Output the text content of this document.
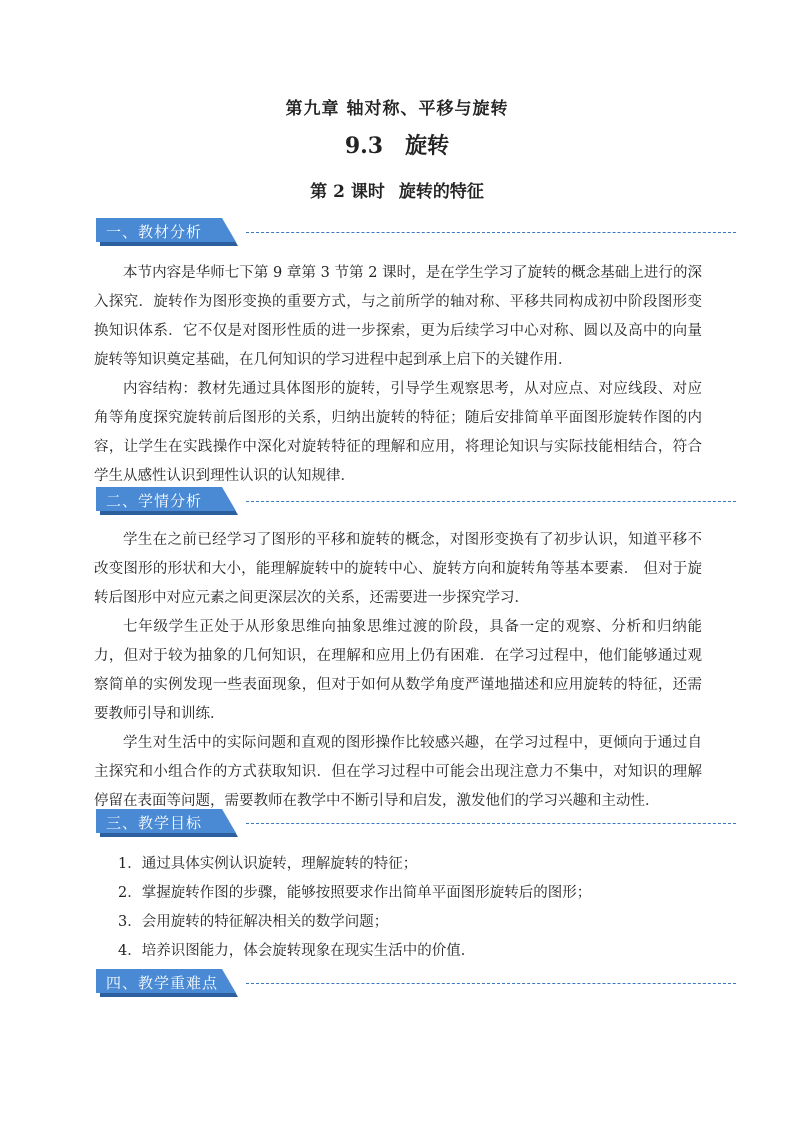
第九章 轴对称、平移与旋转
9.3 旋转
第 2 课时 旋转的特征
一、教材分析

本节内容是华师七下第 9 章第 3 节第 2 课时，是在学生学习了旋转的概念基础上进行的深入探究．旋转作为图形变换的重要方式，与之前所学的轴对称、平移共同构成初中阶段图形变换知识体系．它不仅是对图形性质的进一步探索，更为后续学习中心对称、圆以及高中的向量旋转等知识奠定基础，在几何知识的学习进程中起到承上启下的关键作用．

内容结构：教材先通过具体图形的旋转，引导学生观察思考，从对应点、对应线段、对应角等角度探究旋转前后图形的关系，归纳出旋转的特征；随后安排简单平面图形旋转作图的内容，让学生在实践操作中深化对旋转特征的理解和应用，将理论知识与实际技能相结合，符合学生从感性认识到理性认识的认知规律．

二、学情分析

学生在之前已经学习了图形的平移和旋转的概念，对图形变换有了初步认识，知道平移不改变图形的形状和大小，能理解旋转中的旋转中心、旋转方向和旋转角等基本要素． 但对于旋转后图形中对应元素之间更深层次的关系，还需要进一步探究学习．

七年级学生正处于从形象思维向抽象思维过渡的阶段，具备一定的观察、分析和归纳能力，但对于较为抽象的几何知识，在理解和应用上仍有困难．在学习过程中，他们能够通过观察简单的实例发现一些表面现象，但对于如何从数学角度严谨地描述和应用旋转的特征，还需要教师引导和训练．

学生对生活中的实际问题和直观的图形操作比较感兴趣，在学习过程中，更倾向于通过自主探究和小组合作的方式获取知识．但在学习过程中可能会出现注意力不集中，对知识的理解停留在表面等问题，需要教师在教学中不断引导和启发，激发他们的学习兴趣和主动性．

三、教学目标
1．通过具体实例认识旋转，理解旋转的特征；
2．掌握旋转作图的步骤，能够按照要求作出简单平面图形旋转后的图形；
3．会用旋转的特征解决相关的数学问题；
4．培养识图能力，体会旋转现象在现实生活中的价值．
四、教学重难点
